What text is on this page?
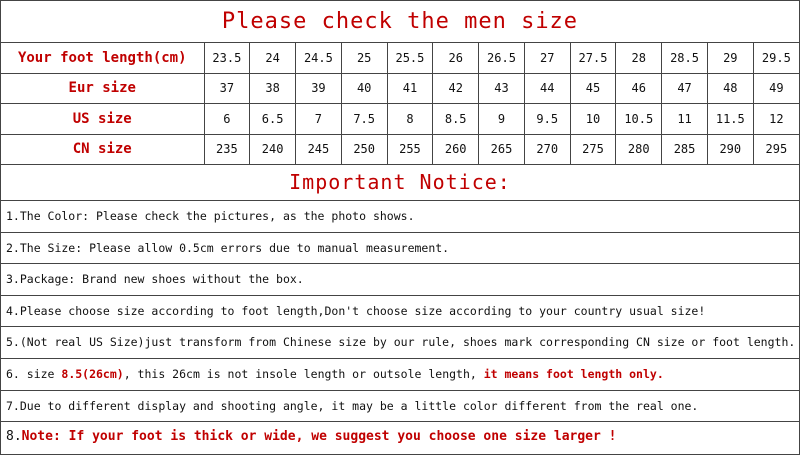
Please check the men size
Your foot length(cm)	23.5	24	24.5	25	25.5	26	26.5	27	27.5	28	28.5	29	29.5
Eur size	37	38	39	40	41	42	43	44	45	46	47	48	49
US size	6	6.5	7	7.5	8	8.5	9	9.5	10	10.5	11	11.5	12
CN size	235	240	245	250	255	260	265	270	275	280	285	290	295
Important Notice:
1.The Color: Please check the pictures, as the photo shows.
2.The Size: Please allow 0.5cm errors due to manual measurement.
3.Package: Brand new shoes without the box.
4.Please choose size according to foot length,Don't choose size according to your country usual size!
5.(Not real US Size)just transform from Chinese size by our rule, shoes mark corresponding CN size or foot length.
6. size 8.5(26cm), this 26cm is not insole length or outsole length, it means foot length only.
7.Due to different display and shooting angle, it may be a little color different from the real one.
8.Note: If your foot is thick or wide, we suggest you choose one size larger !
